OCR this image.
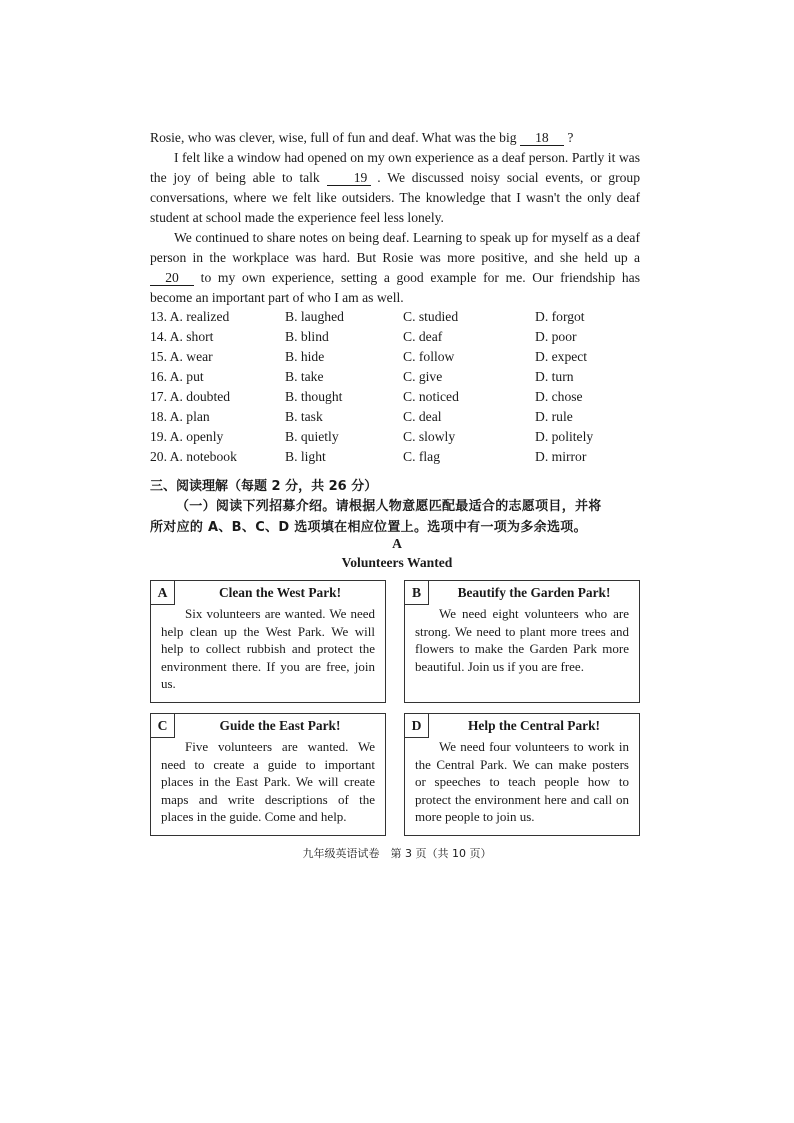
Rosie, who was clever, wise, full of fun and deaf. What was the big 18 ?

I felt like a window had opened on my own experience as a deaf person. Partly it was the joy of being able to talk 19 . We discussed noisy social events, or group conversations, where we felt like outsiders. The knowledge that I wasn't the only deaf student at school made the experience feel less lonely.

We continued to share notes on being deaf. Learning to speak up for myself as a deaf person in the workplace was hard. But Rosie was more positive, and she held up a 20 to my own experience, setting a good example for me. Our friendship has become an important part of who I am as well.

13. A. realized	B. laughed	C. studied	D. forgot
14. A. short	B. blind	C. deaf	D. poor
15. A. wear	B. hide	C. follow	D. expect
16. A. put	B. take	C. give	D. turn
17. A. doubted	B. thought	C. noticed	D. chose
18. A. plan	B. task	C. deal	D. rule
19. A. openly	B. quietly	C. slowly	D. politely
20. A. notebook	B. light	C. flag	D. mirror
三、阅读理解（每题 2 分，共 26 分）
（一）阅读下列招募介绍。请根据人物意愿匹配最适合的志愿项目，并将
所对应的 A、B、C、D 选项填在相应位置上。选项中有一项为多余选项。
A
Volunteers Wanted
A	Clean the West Park!

Six volunteers are wanted. We need help clean up the West Park. We will help to collect rubbish and protect the environment there. If you are free, join us.

B	Beautify the Garden Park!

We need eight volunteers who are strong. We need to plant more trees and flowers to make the Garden Park more beautiful. Join us if you are free.

C	Guide the East Park!

Five volunteers are wanted. We need to create a guide to important places in the East Park. We will create maps and write descriptions of the places in the guide. Come and help.

D	Help the Central Park!

We need four volunteers to work in the Central Park. We can make posters or speeches to teach people how to protect the environment here and call on more people to join us.

九年级英语试卷　第 3 页（共 10 页）
